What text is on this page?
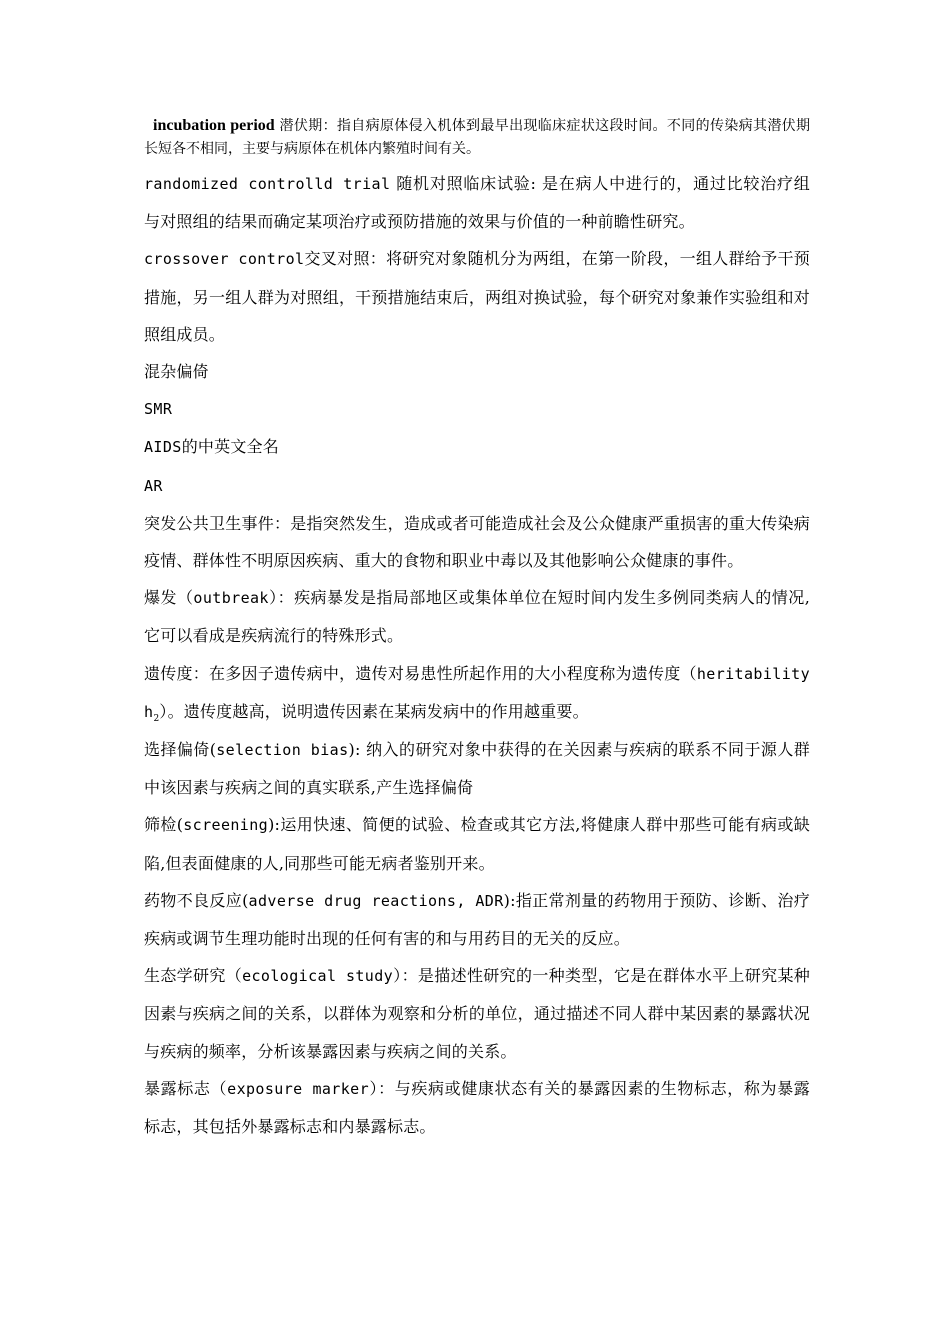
incubation period 潜伏期：指自病原体侵入机体到最早出现临床症状这段时间。不同的传染病其潜伏期长短各不相同，主要与病原体在机体内繁殖时间有关。

randomized controlld trial 随机对照临床试验: 是在病人中进行的，通过比较治疗组与对照组的结果而确定某项治疗或预防措施的效果与价值的一种前瞻性研究。

crossover control交叉对照：将研究对象随机分为两组，在第一阶段，一组人群给予干预措施，另一组人群为对照组，干预措施结束后，两组对换试验，每个研究对象兼作实验组和对照组成员。

混杂偏倚

SMR

AIDS的中英文全名

AR

突发公共卫生事件：是指突然发生，造成或者可能造成社会及公众健康严重损害的重大传染病疫情、群体性不明原因疾病、重大的食物和职业中毒以及其他影响公众健康的事件。

爆发（outbreak）：疾病暴发是指局部地区或集体单位在短时间内发生多例同类病人的情况,它可以看成是疾病流行的特殊形式。

遗传度：在多因子遗传病中，遗传对易患性所起作用的大小程度称为遗传度（heritability $h_2$）。遗传度越高，说明遗传因素在某病发病中的作用越重要。

选择偏倚(selection bias): 纳入的研究对象中获得的在关因素与疾病的联系不同于源人群中该因素与疾病之间的真实联系,产生选择偏倚

筛检(screening):运用快速、简便的试验、检查或其它方法,将健康人群中那些可能有病或缺陷,但表面健康的人,同那些可能无病者鉴别开来。

药物不良反应(adverse drug reactions, ADR):指正常剂量的药物用于预防、诊断、治疗疾病或调节生理功能时出现的任何有害的和与用药目的无关的反应。

生态学研究（ecological study）：是描述性研究的一种类型，它是在群体水平上研究某种因素与疾病之间的关系，以群体为观察和分析的单位，通过描述不同人群中某因素的暴露状况与疾病的频率，分析该暴露因素与疾病之间的关系。

暴露标志（exposure marker）：与疾病或健康状态有关的暴露因素的生物标志，称为暴露标志，其包括外暴露标志和内暴露标志。
